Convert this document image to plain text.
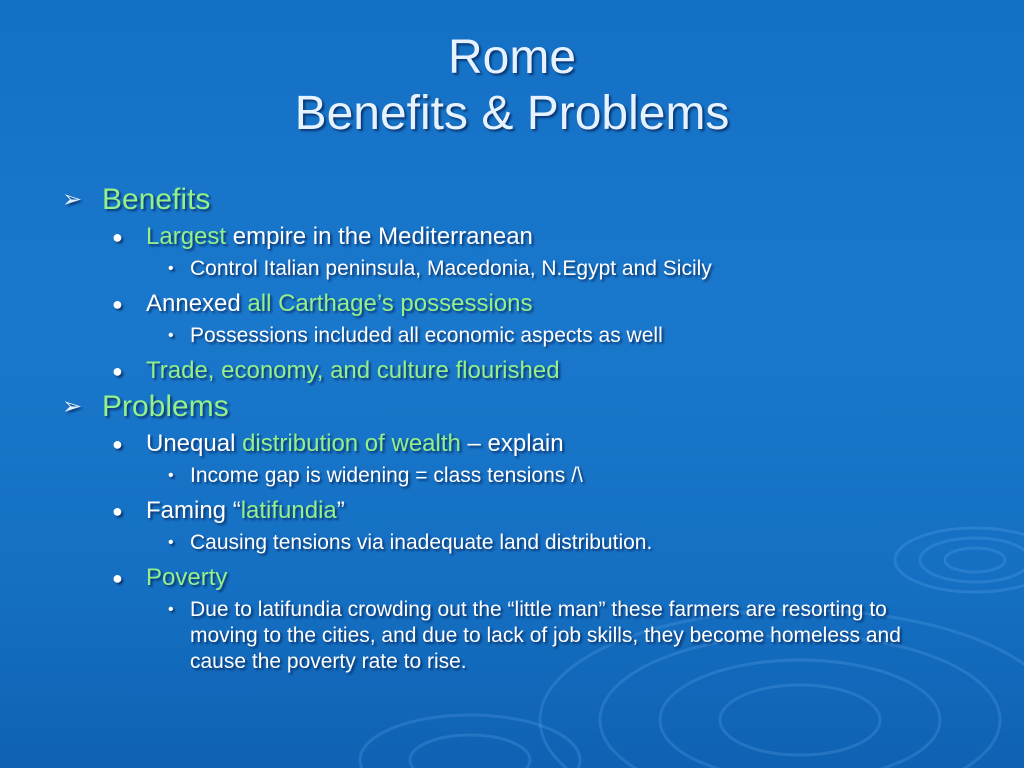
Rome
Benefits & Problems
➢ Benefits
● Largest empire in the Mediterranean
• Control Italian peninsula, Macedonia, N.Egypt and Sicily
● Annexed all Carthage’s possessions
• Possessions included all economic aspects as well
● Trade, economy, and culture flourished
➢ Problems
● Unequal distribution of wealth – explain
• Income gap is widening = class tensions /\
● Faming “latifundia”
• Causing tensions via inadequate land distribution.
● Poverty
• Due to latifundia crowding out the “little man” these farmers are resorting to moving to the cities, and due to lack of job skills, they become homeless and cause the poverty rate to rise.
